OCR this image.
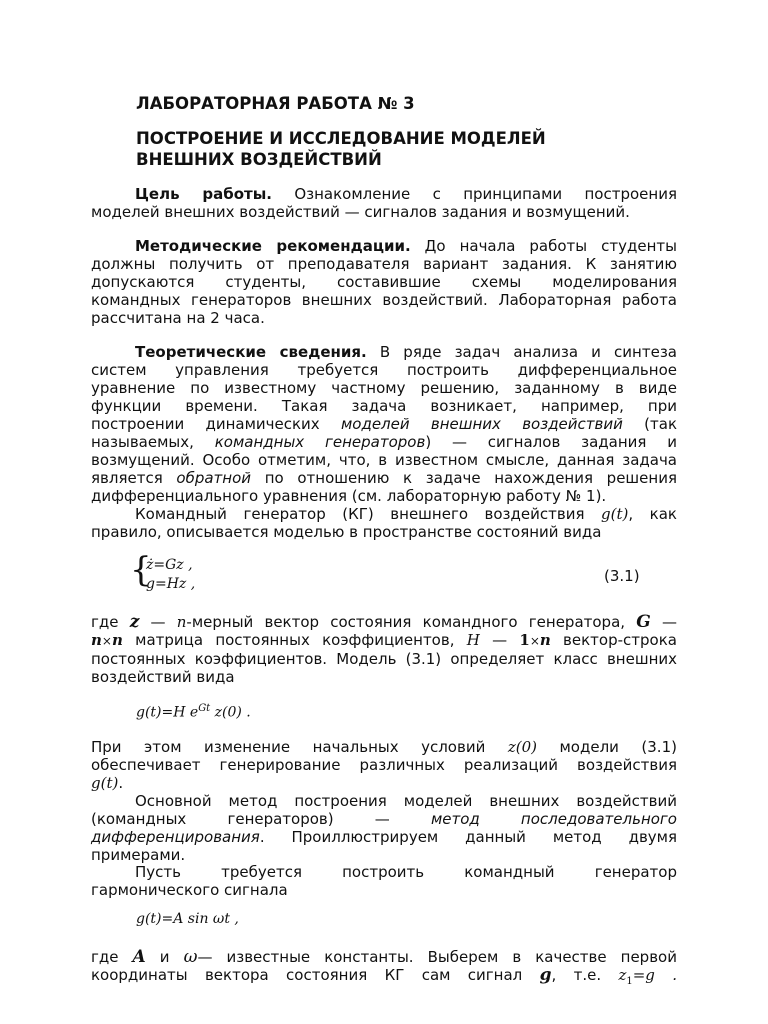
ЛАБОРАТОРНАЯ РАБОТА № 3
ПОСТРОЕНИЕ И ИССЛЕДОВАНИЕ МОДЕЛЕЙ
ВНЕШНИХ ВОЗДЕЙСТВИЙ
Цель работы. Ознакомление с принципами построения
моделей внешних воздействий — сигналов задания и возмущений.
Методические рекомендации. До начала работы студенты
должны получить от преподавателя вариант задания. К занятию
допускаются студенты, составившие схемы моделирования
командных генераторов внешних воздействий. Лабораторная работа
рассчитана на 2 часа.
Теоретические сведения. В ряде задач анализа и синтеза
систем управления требуется построить дифференциальное
уравнение по известному частному решению, заданному в виде
функции времени. Такая задача возникает, например, при
построении динамических моделей внешних воздействий (так
называемых, командных генераторов) — сигналов задания и
возмущений. Особо отметим, что, в известном смысле, данная задача
является обратной по отношению к задаче нахождения решения
дифференциального уравнения (см. лабораторную работу № 1).
Командный генератор (КГ) внешнего воздействия g(t), как
правило, описывается моделью в пространстве состояний вида
{
ż=Gz ,
g=Hz ,	(3.1)
где z — n-мерный вектор состояния командного генератора, G —
n×n матрица постоянных коэффициентов, H — 1×n вектор-строка
постоянных коэффициентов. Модель (3.1) определяет класс внешних
воздействий вида
g(t)=H $e^{Gt}$ z(0) .
При этом изменение начальных условий z(0) модели (3.1)
обеспечивает генерирование различных реализаций воздействия
g(t).
Основной метод построения моделей внешних воздействий
(командных генераторов) —	метод последовательного
дифференцирования. Проиллюстрируем данный метод двумя
примерами.
Пусть требуется построить командный генератор
гармонического сигнала
g(t)=A sin ωt ,
где A и ω— известные константы. Выберем в качестве первой
координаты вектора состояния КГ сам сигнал g, т.е. $z_1=g$ .
